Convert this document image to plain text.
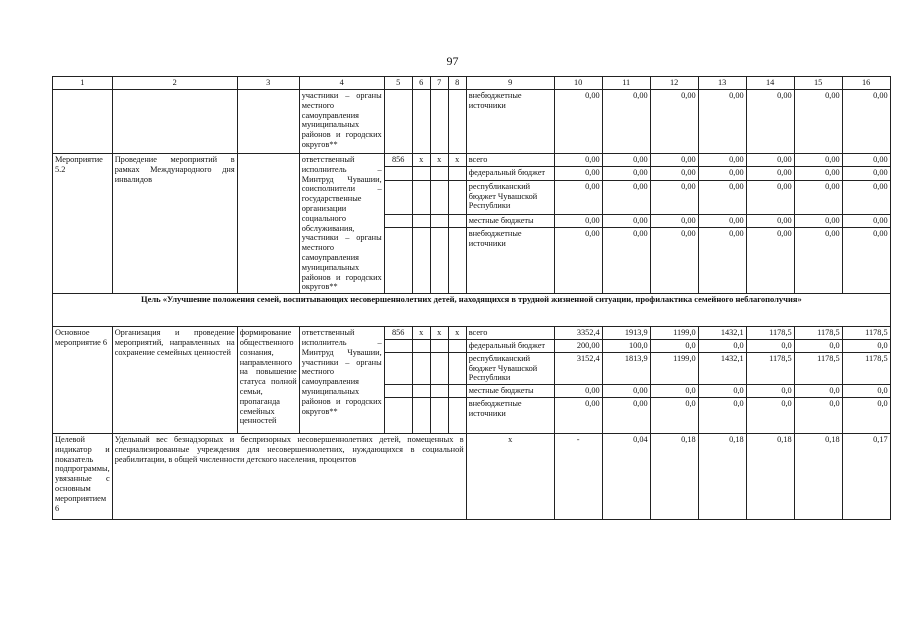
97
1	2	3	4	5	6	7	8	9	10	11	12	13	14	15	16
			участники – органы местного самоуправления муниципальных районов и городских округов**					внебюджетные источники	0,00	0,00	0,00	0,00	0,00	0,00	0,00
Мероприятие 5.2	Проведение мероприятий в рамках Международного дня инвалидов		ответственный исполнитель – Минтруд Чувашии, соисполнители – государственные организации социального обслуживания, участники – органы местного самоуправления муниципальных районов и городских округов**	856	x	x	x	всего	0,00	0,00	0,00	0,00	0,00	0,00	0,00
								федеральный бюджет	0,00	0,00	0,00	0,00	0,00	0,00	0,00
								республиканский бюджет Чувашской Республики	0,00	0,00	0,00	0,00	0,00	0,00	0,00
								местные бюджеты	0,00	0,00	0,00	0,00	0,00	0,00	0,00
								внебюджетные источники	0,00	0,00	0,00	0,00	0,00	0,00	0,00
Цель «Улучшение положения семей, воспитывающих несовершеннолетних детей, находящихся в трудной жизненной ситуации, профилактика семейного неблагополучия»															
Основное мероприятие 6	Организация и проведение мероприятий, направленных на сохранение семейных ценностей	формирование общественного сознания, направленного на повышение статуса полной семьи, пропаганда семейных ценностей	ответственный исполнитель – Минтруд Чувашии, участники – органы местного самоуправления муниципальных районов и городских округов**	856	x	x	x	всего	3352,4	1913,9	1199,0	1432,1	1178,5	1178,5	1178,5
								федеральный бюджет	200,00	100,0	0,0	0,0	0,0	0,0	0,0
								республиканский бюджет Чувашской Республики	3152,4	1813,9	1199,0	1432,1	1178,5	1178,5	1178,5
								местные бюджеты	0,00	0,00	0,0	0,0	0,0	0,0	0,0
								внебюджетные источники	0,00	0,00	0,0	0,0	0,0	0,0	0,0
Целевой индикатор и показатель подпрограммы, увязанные с основным мероприятием 6	Удельный вес безнадзорных и беспризорных несовершеннолетних детей, помещенных в специализированные учреждения для несовершеннолетних, нуждающихся в социальной реабилитации, в общей численности детского населения, процентов							x	-	0,04	0,18	0,18	0,18	0,18	0,17
